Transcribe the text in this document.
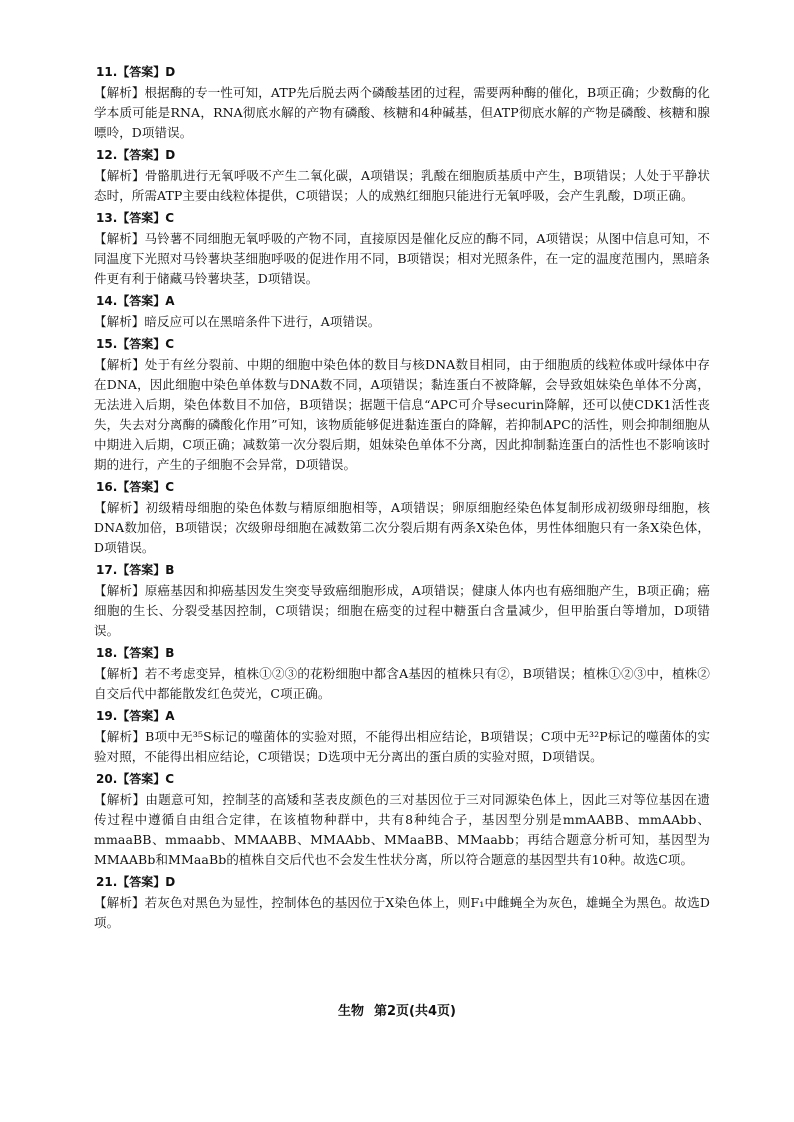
11.【答案】D

【解析】根据酶的专一性可知，ATP先后脱去两个磷酸基团的过程，需要两种酶的催化，B项正确；少数酶的化学本质可能是RNA，RNA彻底水解的产物有磷酸、核糖和4种碱基，但ATP彻底水解的产物是磷酸、核糖和腺嘌呤，D项错误。

12.【答案】D

【解析】骨骼肌进行无氧呼吸不产生二氧化碳，A项错误；乳酸在细胞质基质中产生，B项错误；人处于平静状态时，所需ATP主要由线粒体提供，C项错误；人的成熟红细胞只能进行无氧呼吸，会产生乳酸，D项正确。

13.【答案】C

【解析】马铃薯不同细胞无氧呼吸的产物不同，直接原因是催化反应的酶不同，A项错误；从图中信息可知，不同温度下光照对马铃薯块茎细胞呼吸的促进作用不同，B项错误；相对光照条件，在一定的温度范围内，黑暗条件更有利于储藏马铃薯块茎，D项错误。

14.【答案】A

【解析】暗反应可以在黑暗条件下进行，A项错误。

15.【答案】C

【解析】处于有丝分裂前、中期的细胞中染色体的数目与核DNA数目相同，由于细胞质的线粒体或叶绿体中存在DNA，因此细胞中染色单体数与DNA数不同，A项错误；黏连蛋白不被降解，会导致姐妹染色单体不分离，无法进入后期，染色体数目不加倍，B项错误；据题干信息“APC可介导securin降解，还可以使CDK1活性丧失，失去对分离酶的磷酸化作用”可知，该物质能够促进黏连蛋白的降解，若抑制APC的活性，则会抑制细胞从中期进入后期，C项正确；减数第一次分裂后期，姐妹染色单体不分离，因此抑制黏连蛋白的活性也不影响该时期的进行，产生的子细胞不会异常，D项错误。

16.【答案】C

【解析】初级精母细胞的染色体数与精原细胞相等，A项错误；卵原细胞经染色体复制形成初级卵母细胞，核DNA数加倍，B项错误；次级卵母细胞在减数第二次分裂后期有两条X染色体，男性体细胞只有一条X染色体，D项错误。

17.【答案】B

【解析】原癌基因和抑癌基因发生突变导致癌细胞形成，A项错误；健康人体内也有癌细胞产生，B项正确；癌细胞的生长、分裂受基因控制，C项错误；细胞在癌变的过程中糖蛋白含量减少，但甲胎蛋白等增加，D项错误。

18.【答案】B

【解析】若不考虑变异，植株①②③的花粉细胞中都含A基因的植株只有②，B项错误；植株①②③中，植株②自交后代中都能散发红色荧光，C项正确。

19.【答案】A

【解析】B项中无³⁵S标记的噬菌体的实验对照，不能得出相应结论，B项错误；C项中无³²P标记的噬菌体的实验对照，不能得出相应结论，C项错误；D选项中无分离出的蛋白质的实验对照，D项错误。

20.【答案】C

【解析】由题意可知，控制茎的高矮和茎表皮颜色的三对基因位于三对同源染色体上，因此三对等位基因在遗传过程中遵循自由组合定律，在该植物种群中，共有8种纯合子，基因型分别是mmAABB、mmAAbb、mmaaBB、mmaabb、MMAABB、MMAAbb、MMaaBB、MMaabb；再结合题意分析可知，基因型为MMAABb和MMaaBb的植株自交后代也不会发生性状分离，所以符合题意的基因型共有10种。故选C项。

21.【答案】D

【解析】若灰色对黑色为显性，控制体色的基因位于X染色体上，则F₁中雌蝇全为灰色，雄蝇全为黑色。故选D项。

生物 第2页(共4页)
